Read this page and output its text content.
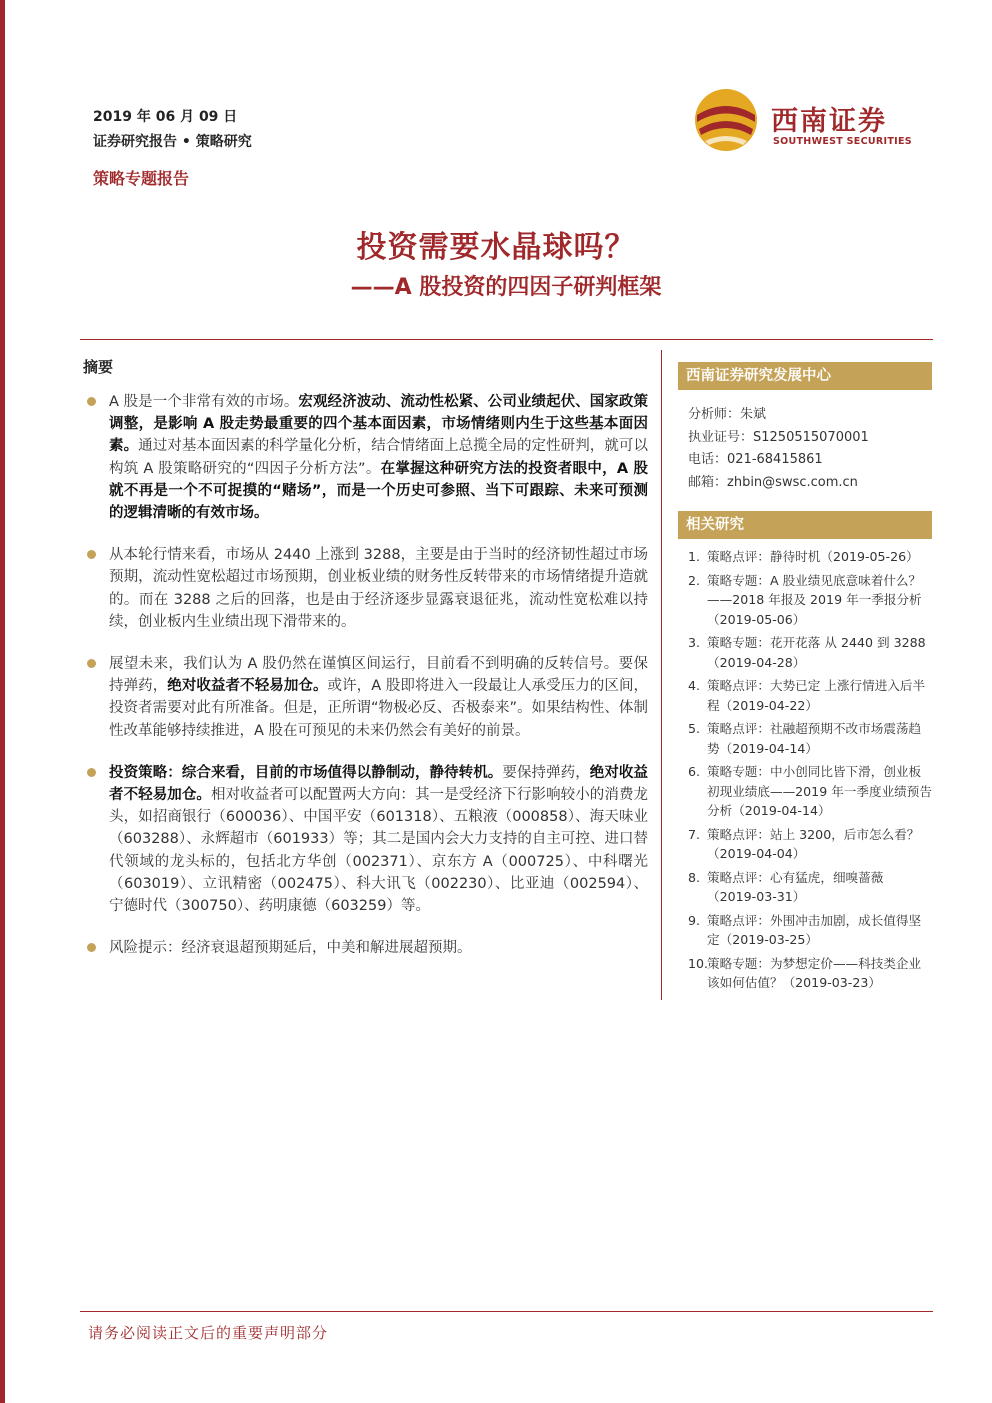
2019 年 06 月 09 日
证券研究报告 • 策略研究
策略专题报告
西南证券
SOUTHWEST SECURITIES
投资需要水晶球吗？
——A 股投资的四因子研判框架
摘要
A 股是一个非常有效的市场。宏观经济波动、流动性松紧、公司业绩起伏、国家政策调整，是影响 A 股走势最重要的四个基本面因素，市场情绪则内生于这些基本面因素。通过对基本面因素的科学量化分析，结合情绪面上总揽全局的定性研判，就可以构筑 A 股策略研究的“四因子分析方法”。在掌握这种研究方法的投资者眼中，A 股就不再是一个不可捉摸的“赌场”，而是一个历史可参照、当下可跟踪、未来可预测的逻辑清晰的有效市场。
从本轮行情来看，市场从 2440 上涨到 3288，主要是由于当时的经济韧性超过市场预期，流动性宽松超过市场预期，创业板业绩的财务性反转带来的市场情绪提升造就的。而在 3288 之后的回落，也是由于经济逐步显露衰退征兆，流动性宽松难以持续，创业板内生业绩出现下滑带来的。
展望未来，我们认为 A 股仍然在谨慎区间运行，目前看不到明确的反转信号。要保持弹药，绝对收益者不轻易加仓。或许，A 股即将进入一段最让人承受压力的区间，投资者需要对此有所准备。但是，正所谓“物极必反、否极泰来”。如果结构性、体制性改革能够持续推进，A 股在可预见的未来仍然会有美好的前景。
投资策略：综合来看，目前的市场值得以静制动，静待转机。要保持弹药，绝对收益者不轻易加仓。相对收益者可以配置两大方向：其一是受经济下行影响较小的消费龙头，如招商银行（600036）、中国平安（601318）、五粮液（000858）、海天味业（603288）、永辉超市（601933）等；其二是国内会大力支持的自主可控、进口替代领域的龙头标的，包括北方华创（002371）、京东方 A（000725）、中科曙光（603019）、立讯精密（002475）、科大讯飞（002230）、比亚迪（002594）、宁德时代（300750）、药明康德（603259）等。
风险提示：经济衰退超预期延后，中美和解进展超预期。
西南证券研究发展中心
分析师：朱斌
执业证号：S1250515070001
电话：021-68415861
邮箱：zhbin@swsc.com.cn
相关研究
1. 策略点评：静待时机（2019-05-26）
2. 策略专题：A 股业绩见底意味着什么？——2018 年报及 2019 年一季报分析（2019-05-06）
3. 策略专题：花开花落 从 2440 到 3288（2019-04-28）
4. 策略点评：大势已定 上涨行情进入后半程（2019-04-22）
5. 策略点评：社融超预期不改市场震荡趋势（2019-04-14）
6. 策略专题：中小创同比皆下滑，创业板初现业绩底——2019 年一季度业绩预告分析（2019-04-14）
7. 策略点评：站上 3200，后市怎么看？（2019-04-04）
8. 策略点评：心有猛虎，细嗅蔷薇（2019-03-31）
9. 策略点评：外围冲击加剧，成长值得坚定（2019-03-25）
10.
策略专题：为梦想定价——科技类企业该如何估值？（2019-03-23）
请务必阅读正文后的重要声明部分
